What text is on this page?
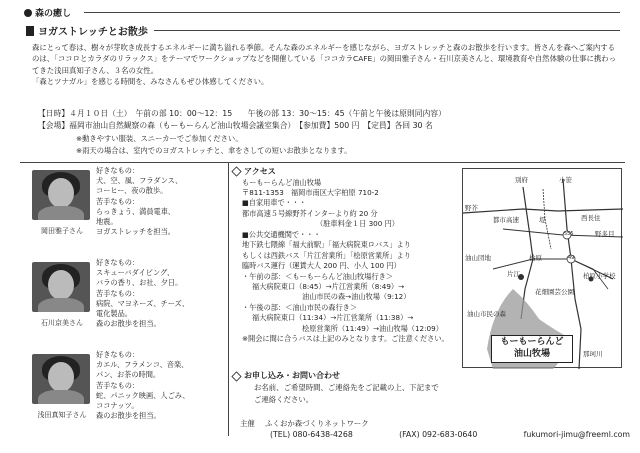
森の癒し
ヨガストレッチとお散歩

森にとって春は、樹々が芽吹き成長するエネルギーに満ち溢れる季節。そんな森のエネルギーを感じながら、ヨガストレッチと森のお散歩を行います。皆さんを森へご案内するのは、「ココロとカラダのリラックス」をテーマでワークショップなどを開催している「ココカラCAFE」の岡田雅子さん・石川京美さんと、環境教育や自然体験の仕事に携わってきた浅田真知子さん、３名の女性。

「森とツナガル」を感じる時間を、みなさんもぜひ体感してください。

【日時】４月１０日（土）　午前の部 10：00～12：15　　午後の部 13：30～15：45（午前と午後は原則同内容）
【会場】福岡市油山自然観察の森（もーもーらんど油山牧場会議室集合）　【参加費】500 円　【定員】各回 30 名
※動きやすい服装、スニーカーでご参加ください。
※雨天の場合は、室内でのヨガストレッチと、傘をさしての短いお散歩となります。
岡田雅子さん
好きなもの：
犬、空、風、フラダンス、
コーヒー、夜の散歩。
苦手なもの：
らっきょう、満員電車、
地震。
ヨガストレッチを担当。
石川京美さん
好きなもの：
スキューバダイビング、
バラの香り、お社、夕日。
苦手なもの：
病院、マヨネーズ、チーズ、
電化製品。
森のお散歩を担当。
浅田真知子さん
好きなもの：
カエル、フラメンコ、音楽、
パン、お茶の時間。
苦手なもの：
蛇、パニック映画、人ごみ、
ココナッツ。
森のお散歩を担当。
アクセス
もーもーらんど油山牧場
〒811-1353　福岡市南区大字柏原 710-2
■自家用車で・・・
都市高速５号線野芥インターより約 20 分
（駐車料金１日 300 円）
■公共交通機関で・・・
地下鉄七隈線「福大前駅」「福大病院東ロバス」より
もしくは西鉄バス「片江営業所」「桧原営業所」より
臨時バス運行（運賃大人 200 円、小人 100 円）
・午前の部：＜もーもーらんど油山牧場行き＞
福大病院東口（8:45）→片江営業所（8:49）→
油山市民の森→油山牧場（9:12）
・午後の部：＜油山市民の森行き＞
福大病院東口（11:34）→片江営業所（11:38）→
桧原営業所（11:49）→油山牧場（12:09）
※開会に間に合うバスは上記のみとなります。ご注意ください。
別府	小笹
野芥
都市高速	堤	西長住
野多目
油山団地	桧原
555
49
片江	柏原小学校
花畑園芸公園
油山市民の森
那珂川
もーもーらんど
油山牧場
お申し込み・お問い合わせ
お名前、ご希望時間、ご連絡先をご記載の上、下記まで
ご連絡ください。
主催 ふくおか森づくりネットワーク
(TEL) 080-6438-4268	(FAX) 092-683-0640	fukumori-jimu@freeml.com
